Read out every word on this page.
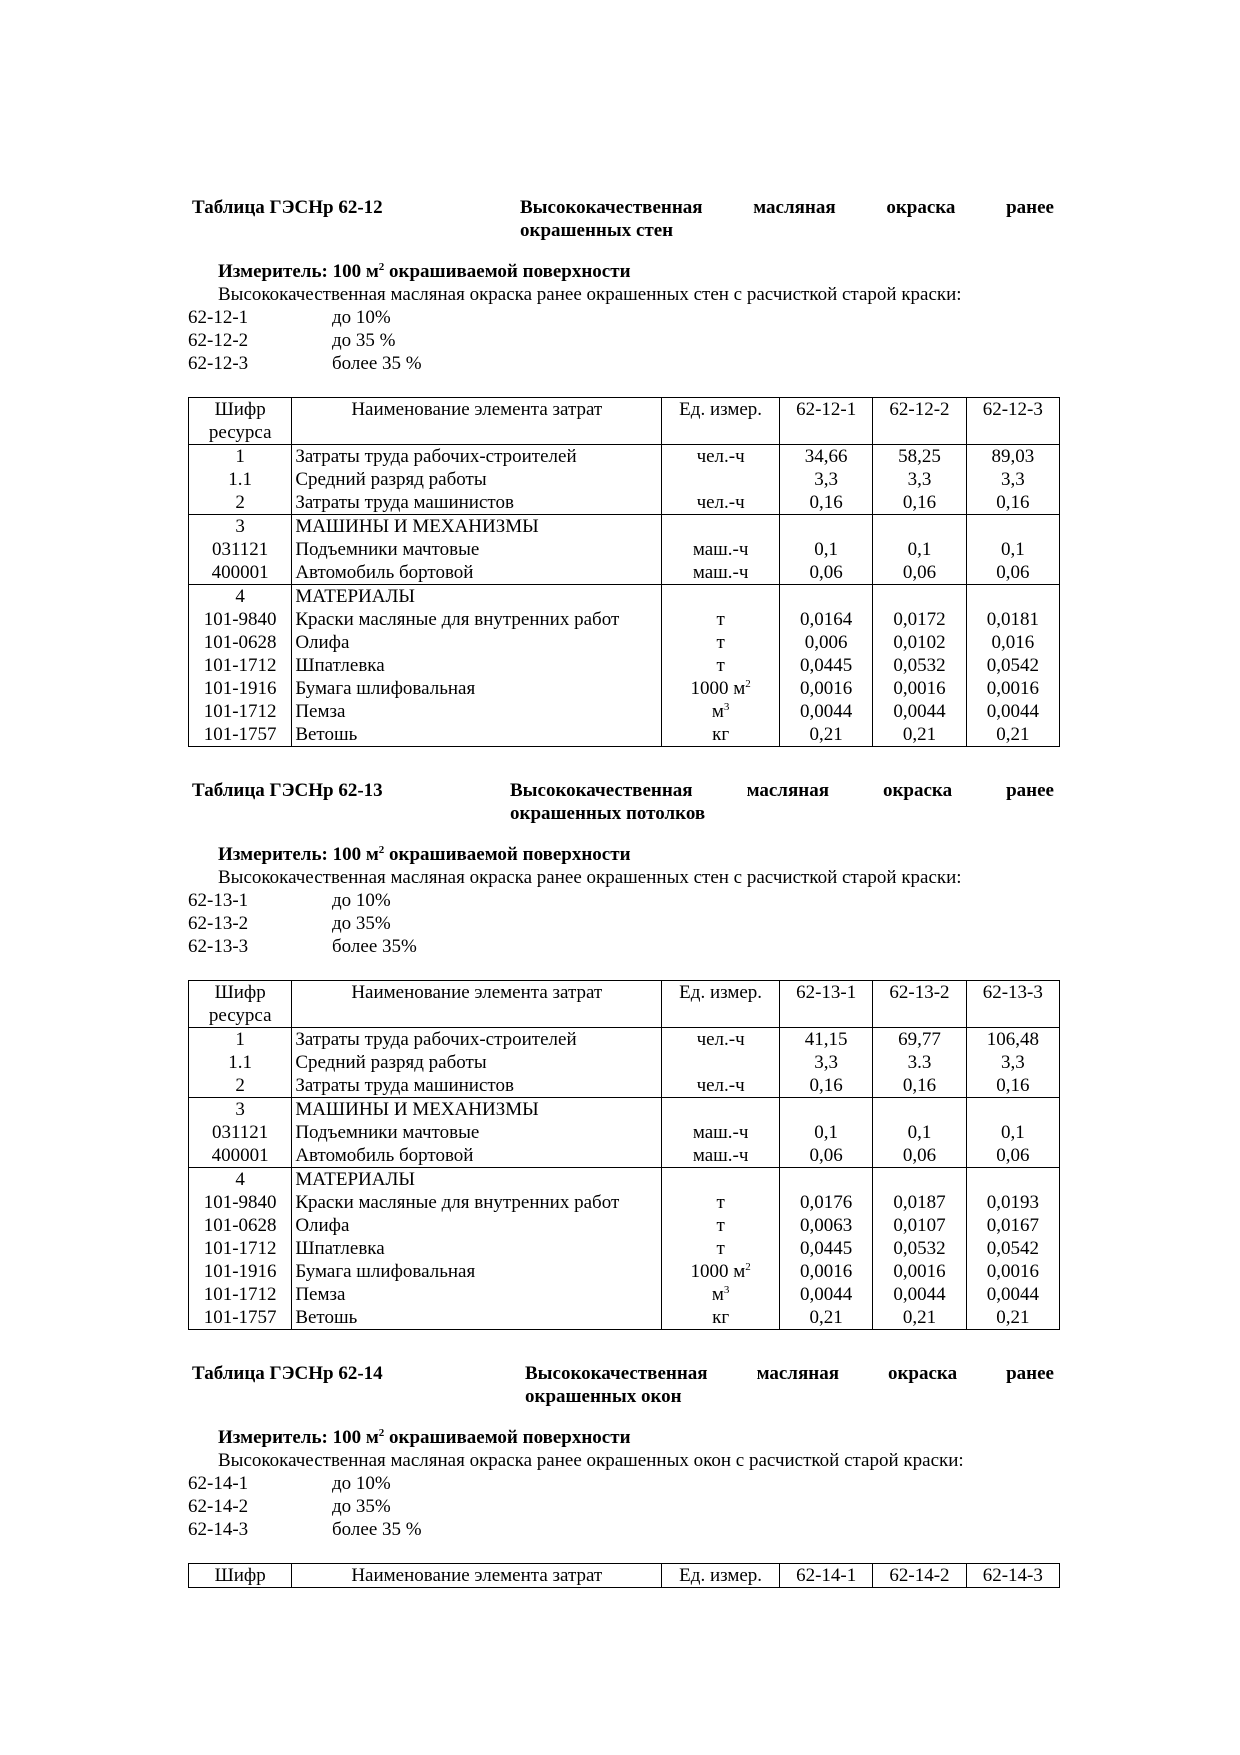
Таблица ГЭСНр 62-12	Высококачественная	масляная	окраска	ранее
окрашенных стен
Измеритель: 100 $м^2$ окрашиваемой поверхности
Высококачественная масляная окраска ранее окрашенных стен с расчисткой старой краски:
62-12-1	до 10%
62-12-2	до 35 %
62-12-3	более 35 %
Шифр
ресурса	Наименование элемента затрат	Ед. измер.	62-12-1	62-12-2	62-12-3
1	Затраты труда рабочих-строителей	чел.-ч	34,66	58,25	89,03
1.1	Средний разряд работы		3,3	3,3	3,3
2	Затраты труда машинистов	чел.-ч	0,16	0,16	0,16
3	МАШИНЫ И МЕХАНИЗМЫ				
031121	Подъемники мачтовые	маш.-ч	0,1	0,1	0,1
400001	Автомобиль бортовой	маш.-ч	0,06	0,06	0,06
4	МАТЕРИАЛЫ				
101-9840	Краски масляные для внутренних работ	т	0,0164	0,0172	0,0181
101-0628	Олифа	т	0,006	0,0102	0,016
101-1712	Шпатлевка	т	0,0445	0,0532	0,0542
101-1916	Бумага шлифовальная	1000 $м^2$	0,0016	0,0016	0,0016
101-1712	Пемза	$м^3$	0,0044	0,0044	0,0044
101-1757	Ветошь	кг	0,21	0,21	0,21
Таблица ГЭСНр 62-13	Высококачественная	масляная	окраска	ранее
окрашенных потолков
Измеритель: 100 $м^2$ окрашиваемой поверхности
Высококачественная масляная окраска ранее окрашенных стен с расчисткой старой краски:
62-13-1	до 10%
62-13-2	до 35%
62-13-3	более 35%
Шифр
ресурса	Наименование элемента затрат	Ед. измер.	62-13-1	62-13-2	62-13-3
1	Затраты труда рабочих-строителей	чел.-ч	41,15	69,77	106,48
1.1	Средний разряд работы		3,3	3.3	3,3
2	Затраты труда машинистов	чел.-ч	0,16	0,16	0,16
3	МАШИНЫ И МЕХАНИЗМЫ				
031121	Подъемники мачтовые	маш.-ч	0,1	0,1	0,1
400001	Автомобиль бортовой	маш.-ч	0,06	0,06	0,06
4	МАТЕРИАЛЫ				
101-9840	Краски масляные для внутренних работ	т	0,0176	0,0187	0,0193
101-0628	Олифа	т	0,0063	0,0107	0,0167
101-1712	Шпатлевка	т	0,0445	0,0532	0,0542
101-1916	Бумага шлифовальная	1000 $м^2$	0,0016	0,0016	0,0016
101-1712	Пемза	$м^3$	0,0044	0,0044	0,0044
101-1757	Ветошь	кг	0,21	0,21	0,21
Таблица ГЭСНр 62-14	Высококачественная	масляная	окраска	ранее
окрашенных окон
Измеритель: 100 $м^2$ окрашиваемой поверхности
Высококачественная масляная окраска ранее окрашенных окон с расчисткой старой краски:
62-14-1	до 10%
62-14-2	до 35%
62-14-3	более 35 %
Шифр	Наименование элемента затрат	Ед. измер.	62-14-1	62-14-2	62-14-3
